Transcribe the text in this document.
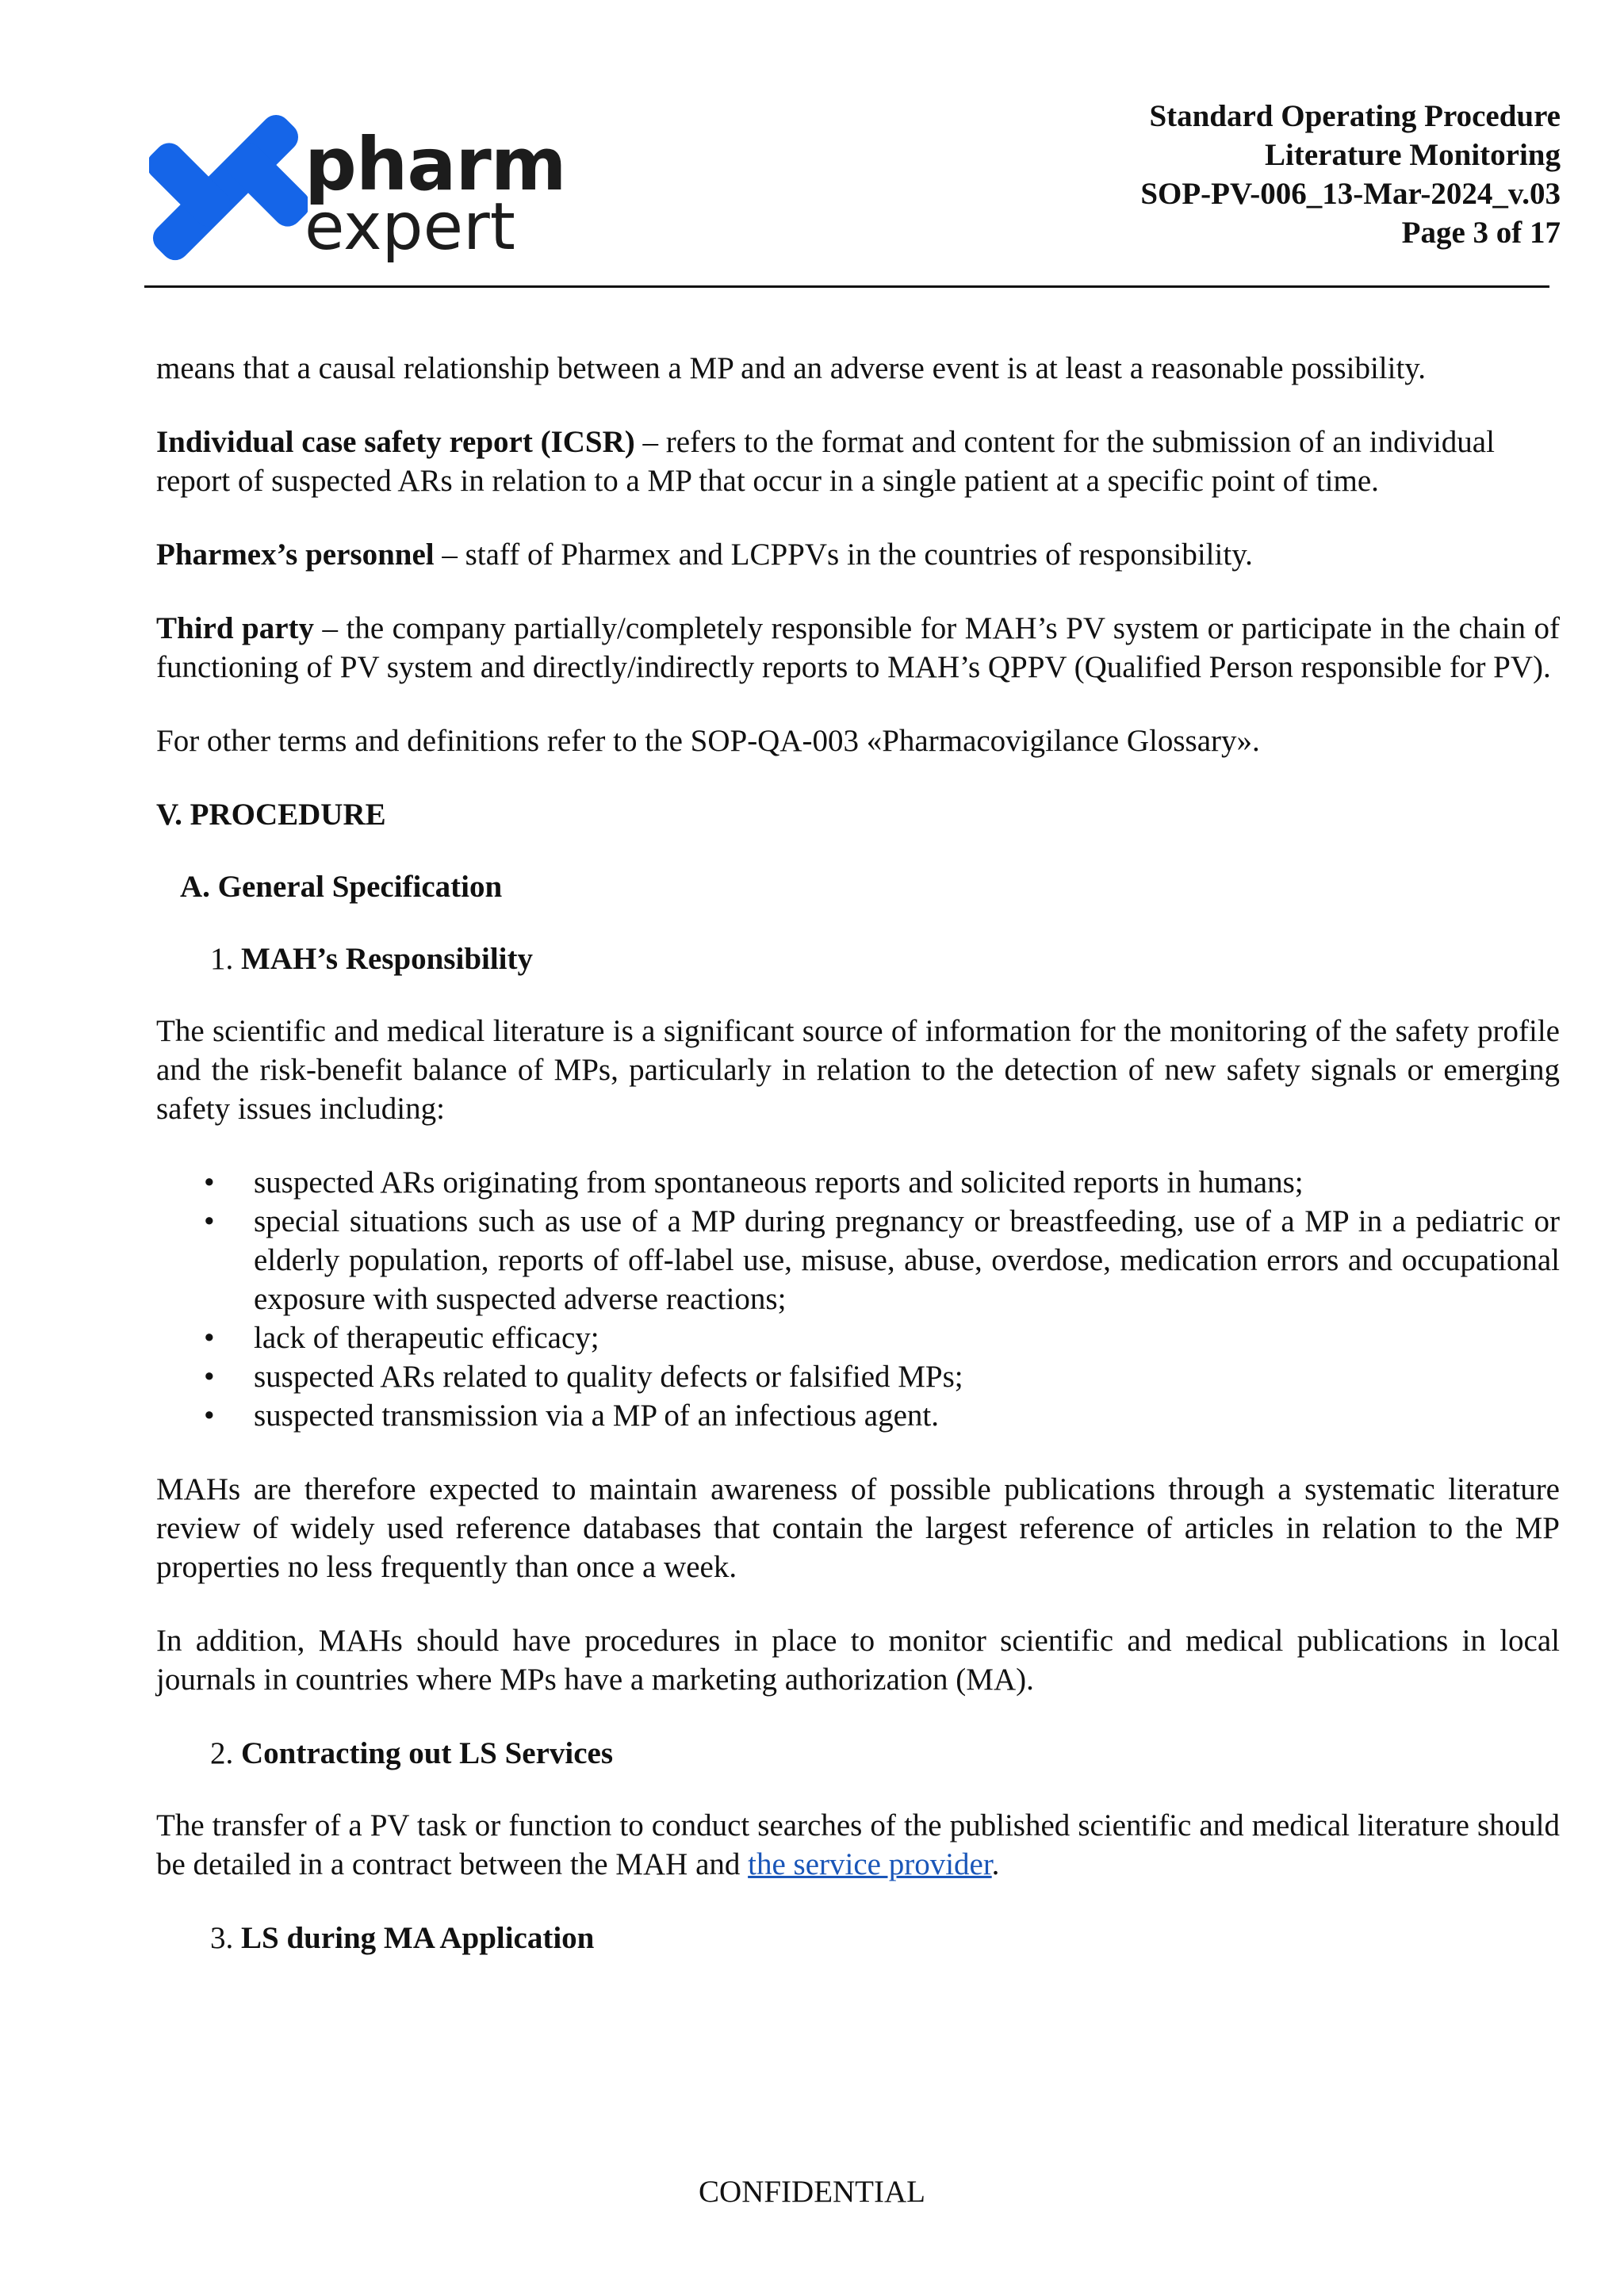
pharm
expert
Standard Operating Procedure
Literature Monitoring
SOP-PV-006_13-Mar-2024_v.03
Page 3 of 17

means that a causal relationship between a MP and an adverse event is at least a reasonable possibility.

Individual case safety report (ICSR) – refers to the format and content for the submission of an individual report of suspected ARs in relation to a MP that occur in a single patient at a specific point of time.

Pharmex’s personnel – staff of Pharmex and LCPPVs in the countries of responsibility.

Third party – the company partially/completely responsible for MAH’s PV system or participate in the chain of functioning of PV system and directly/indirectly reports to MAH’s QPPV (Qualified Person responsible for PV).

For other terms and definitions refer to the SOP-QA-003 «Pharmacovigilance Glossary».

V. PROCEDURE
A. General Specification
1. MAH’s Responsibility

The scientific and medical literature is a significant source of information for the monitoring of the safety profile and the risk-benefit balance of MPs, particularly in relation to the detection of new safety signals or emerging safety issues including:

• suspected ARs originating from spontaneous reports and solicited reports in humans;
• special situations such as use of a MP during pregnancy or breastfeeding, use of a MP in a pediatric or elderly population, reports of off-label use, misuse, abuse, overdose, medication errors and occupational exposure with suspected adverse reactions;
• lack of therapeutic efficacy;
• suspected ARs related to quality defects or falsified MPs;
• suspected transmission via a MP of an infectious agent.

MAHs are therefore expected to maintain awareness of possible publications through a systematic literature review of widely used reference databases that contain the largest reference of articles in relation to the MP properties no less frequently than once a week.

In addition, MAHs should have procedures in place to monitor scientific and medical publications in local journals in countries where MPs have a marketing authorization (MA).

2. Contracting out LS Services

The transfer of a PV task or function to conduct searches of the published scientific and medical literature should be detailed in a contract between the MAH and the service provider.

3. LS during MA Application
CONFIDENTIAL
